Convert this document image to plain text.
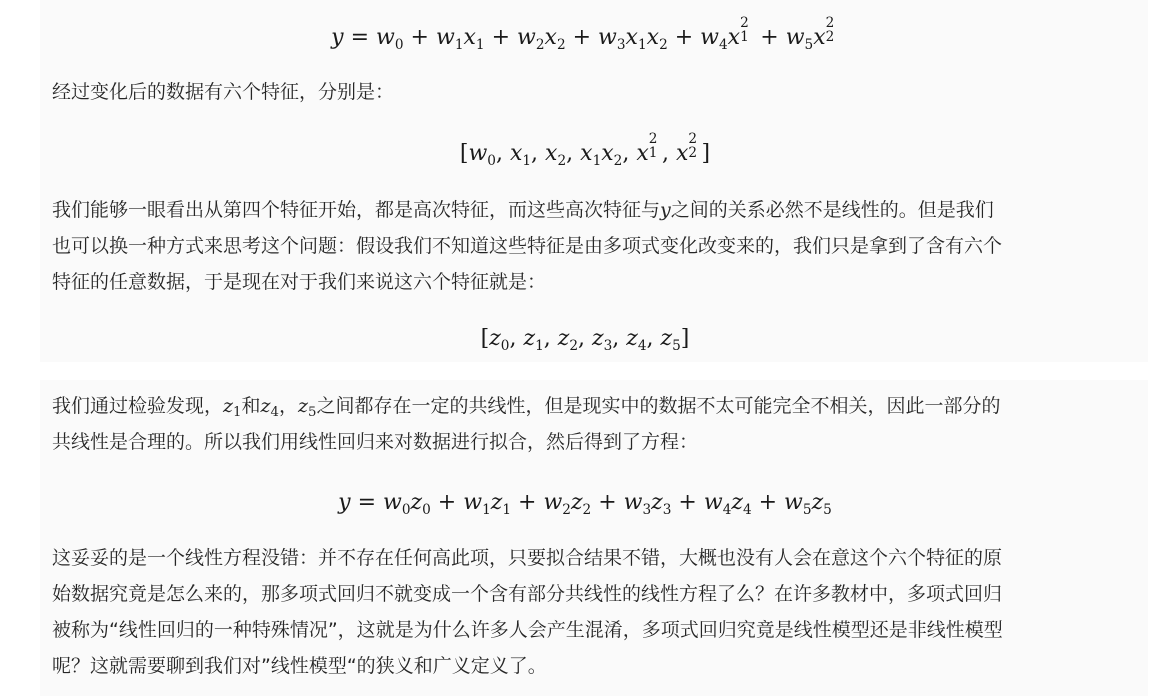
$y = w_0 + w_1x_1 + w_2x_2 + w_3x_1x_2 + w_4x$
2
$1 + w_5x$
2
2
经过变化后的数据有六个特征，分别是：
[$w_0$, $x_1$, $x_2$, $x_1x_2$, x
2
1 , x
2
2 ]
我们能够一眼看出从第四个特征开始，都是高次特征，而这些高次特征与y之间的关系必然不是线性的。但是我们
也可以换一种方式来思考这个问题：假设我们不知道这些特征是由多项式变化改变来的，我们只是拿到了含有六个
特征的任意数据，于是现在对于我们来说这六个特征就是：
[$z_0$, $z_1$, $z_2$, $z_3$, $z_4$, $z_5$]
我们通过检验发现，$z_1$和$z_4$，$z_5$之间都存在一定的共线性，但是现实中的数据不太可能完全不相关，因此一部分的
共线性是合理的。所以我们用线性回归来对数据进行拟合，然后得到了方程：
$y = w_0z_0 + w_1z_1 + w_2z_2 + w_3z_3 + w_4z_4 + w_5z_5$
这妥妥的是一个线性方程没错：并不存在任何高此项，只要拟合结果不错，大概也没有人会在意这个六个特征的原
始数据究竟是怎么来的，那多项式回归不就变成一个含有部分共线性的线性方程了么？在许多教材中，多项式回归
被称为“线性回归的一种特殊情况”，这就是为什么许多人会产生混淆，多项式回归究竟是线性模型还是非线性模型
呢？这就需要聊到我们对”线性模型“的狭义和广义定义了。
